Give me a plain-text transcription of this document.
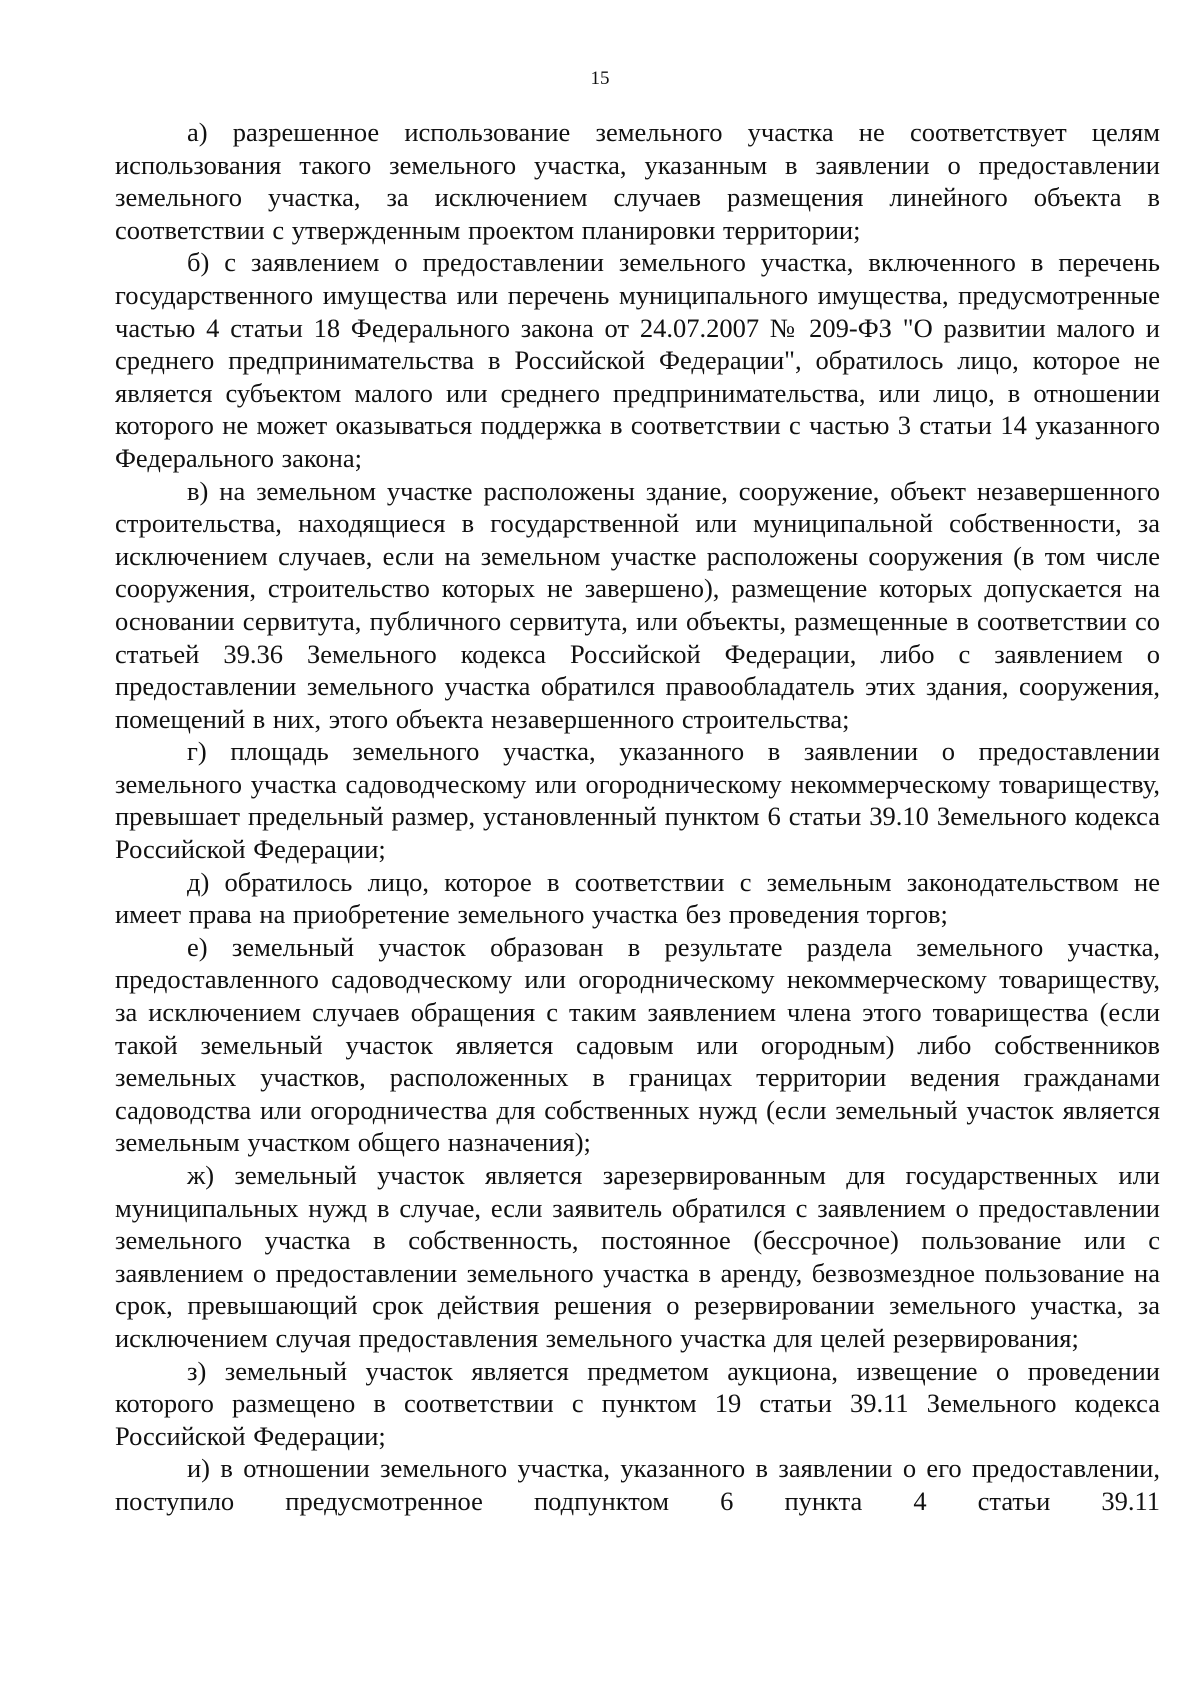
15

а) разрешенное использование земельного участка не соответствует целям использования такого земельного участка, указанным в заявлении о предоставлении земельного участка, за исключением случаев размещения линейного объекта в соответствии с утвержденным проектом планировки территории;

б) с заявлением о предоставлении земельного участка, включенного в перечень государственного имущества или перечень муниципального имущества, предусмотренные частью 4 статьи 18 Федерального закона от 24.07.2007 № 209-ФЗ "О развитии малого и среднего предпринимательства в Российской Федерации", обратилось лицо, которое не является субъектом малого или среднего предпринимательства, или лицо, в отношении которого не может оказываться поддержка в соответствии с частью 3 статьи 14 указанного Федерального закона;

в) на земельном участке расположены здание, сооружение, объект незавершенного строительства, находящиеся в государственной или муниципальной собственности, за исключением случаев, если на земельном участке расположены сооружения (в том числе сооружения, строительство которых не завершено), размещение которых допускается на основании сервитута, публичного сервитута, или объекты, размещенные в соответствии со статьей 39.36 Земельного кодекса Российской Федерации, либо с заявлением о предоставлении земельного участка обратился правообладатель этих здания, сооружения, помещений в них, этого объекта незавершенного строительства;

г) площадь земельного участка, указанного в заявлении о предоставлении земельного участка садоводческому или огородническому некоммерческому товариществу, превышает предельный размер, установленный пунктом 6 статьи 39.10 Земельного кодекса Российской Федерации;

д) обратилось лицо, которое в соответствии с земельным законодательством не имеет права на приобретение земельного участка без проведения торгов;

е) земельный участок образован в результате раздела земельного участка, предоставленного садоводческому или огородническому некоммерческому товариществу, за исключением случаев обращения с таким заявлением члена этого товарищества (если такой земельный участок является садовым или огородным) либо собственников земельных участков, расположенных в границах территории ведения гражданами садоводства или огородничества для собственных нужд (если земельный участок является земельным участком общего назначения);

ж) земельный участок является зарезервированным для государственных или муниципальных нужд в случае, если заявитель обратился с заявлением о предоставлении земельного участка в собственность, постоянное (бессрочное) пользование или с заявлением о предоставлении земельного участка в аренду, безвозмездное пользование на срок, превышающий срок действия решения о резервировании земельного участка, за исключением случая предоставления земельного участка для целей резервирования;

з) земельный участок является предметом аукциона, извещение о проведении которого размещено в соответствии с пунктом 19 статьи 39.11 Земельного кодекса Российской Федерации;

и) в отношении земельного участка, указанного в заявлении о его предоставлении, поступило предусмотренное подпунктом 6 пункта 4 статьи 39.11
